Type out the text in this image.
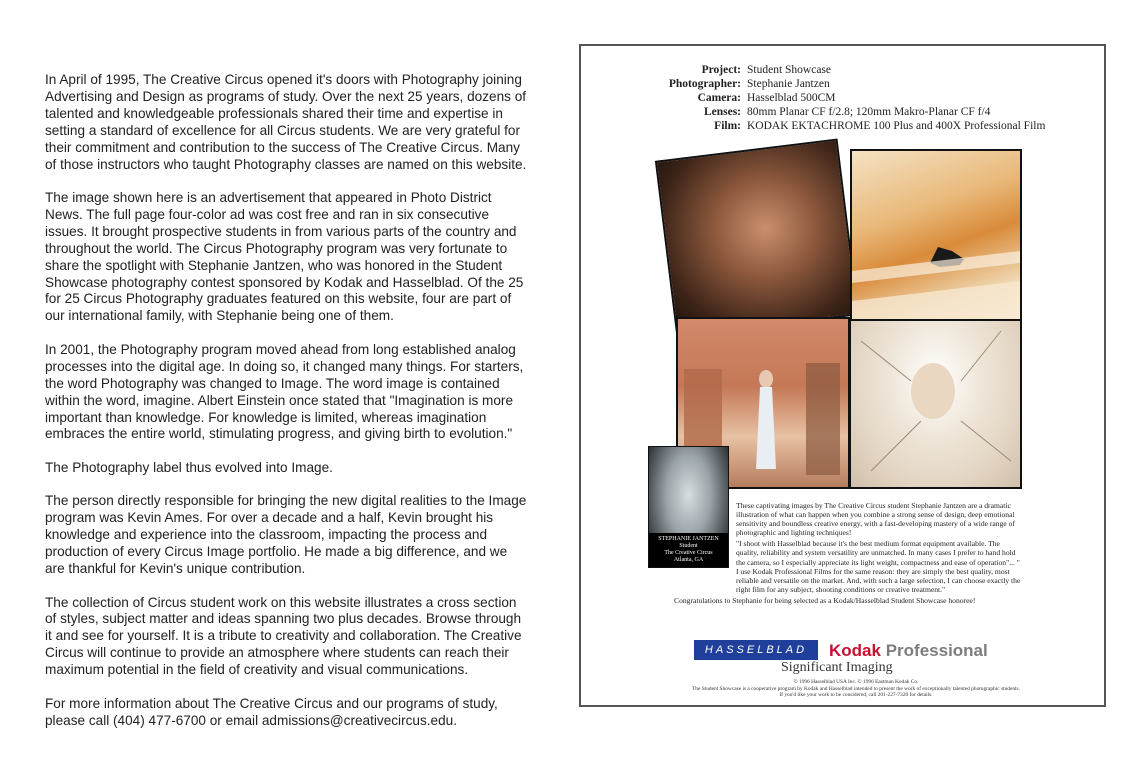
In April of 1995, The Creative Circus opened it's doors with Photography joining Advertising and Design as programs of study. Over the next 25 years, dozens of talented and knowledgeable professionals shared their time and expertise in setting a standard of excellence for all Circus students. We are very grateful for their commitment and contribution to the success of The Creative Circus. Many of those instructors who taught Photography classes are named on this website.

The image shown here is an advertisement that appeared in Photo District News. The full page four-color ad was cost free and ran in six consecutive issues. It brought prospective students in from various parts of the country and throughout the world. The Circus Photography program was very fortunate to share the spotlight with Stephanie Jantzen, who was honored in the Student Showcase photography contest sponsored by Kodak and Hasselblad. Of the 25 for 25 Circus Photography graduates featured on this website, four are part of our international family, with Stephanie being one of them.

In 2001, the Photography program moved ahead from long established analog processes into the digital age. In doing so, it changed many things. For starters, the word Photography was changed to Image. The word image is contained within the word, imagine. Albert Einstein once stated that "Imagination is more important than knowledge. For knowledge is limited, whereas imagination embraces the entire world, stimulating progress, and giving birth to evolution."

The Photography label thus evolved into Image.

The person directly responsible for bringing the new digital realities to the Image program was Kevin Ames. For over a decade and a half, Kevin brought his knowledge and experience into the classroom, impacting the process and production of every Circus Image portfolio. He made a big difference, and we are thankful for Kevin's unique contribution.

The collection of Circus student work on this website illustrates a cross section of styles, subject matter and ideas spanning two plus decades. Browse through it and see for yourself. It is a tribute to creativity and collaboration. The Creative Circus will continue to provide an atmosphere where students can reach their maximum potential in the field of creativity and visual communications.

For more information about The Creative Circus and our programs of study, please call (404) 477-6700 or email admissions@creativecircus.edu.

Project: Student Showcase
Photographer: Stephanie Jantzen
Camera: Hasselblad 500CM
Lenses: 80mm Planar CF f/2.8; 120mm Makro-Planar CF f/4
Film: KODAK EKTACHROME 100 Plus and 400X Professional Film
STEPHANIE JANTZEN
Student
The Creative Circus
Atlanta, GA

These captivating images by The Creative Circus student Stephanie Jantzen are a dramatic illustration of what can happen when you combine a strong sense of design, deep emotional sensitivity and boundless creative energy, with a fast-developing mastery of a wide range of photographic and lighting techniques!

"I shoot with Hasselblad because it's the best medium format equipment available. The quality, reliability and system versatility are unmatched. In many cases I prefer to hand hold the camera, so I especially appreciate its light weight, compactness and ease of operation"... " I use Kodak Professional Films for the same reason: they are simply the best quality, most reliable and versatile on the market. And, with such a large selection, I can choose exactly the right film for any subject, shooting conditions or creative treatment."

Congratulations to Stephanie for being selected as a Kodak/Hasselblad Student Showcase honoree!

HASSELBLAD	Kodak Professional
Significant Imaging
© 1996 Hasselblad USA Inc. © 1996 Eastman Kodak Co.
The Student Showcase is a cooperative program by Kodak and Hasselblad intended to present the work of exceptionally talented photographic students. If you'd like your work to be considered, call 201-227-7320 for details.
